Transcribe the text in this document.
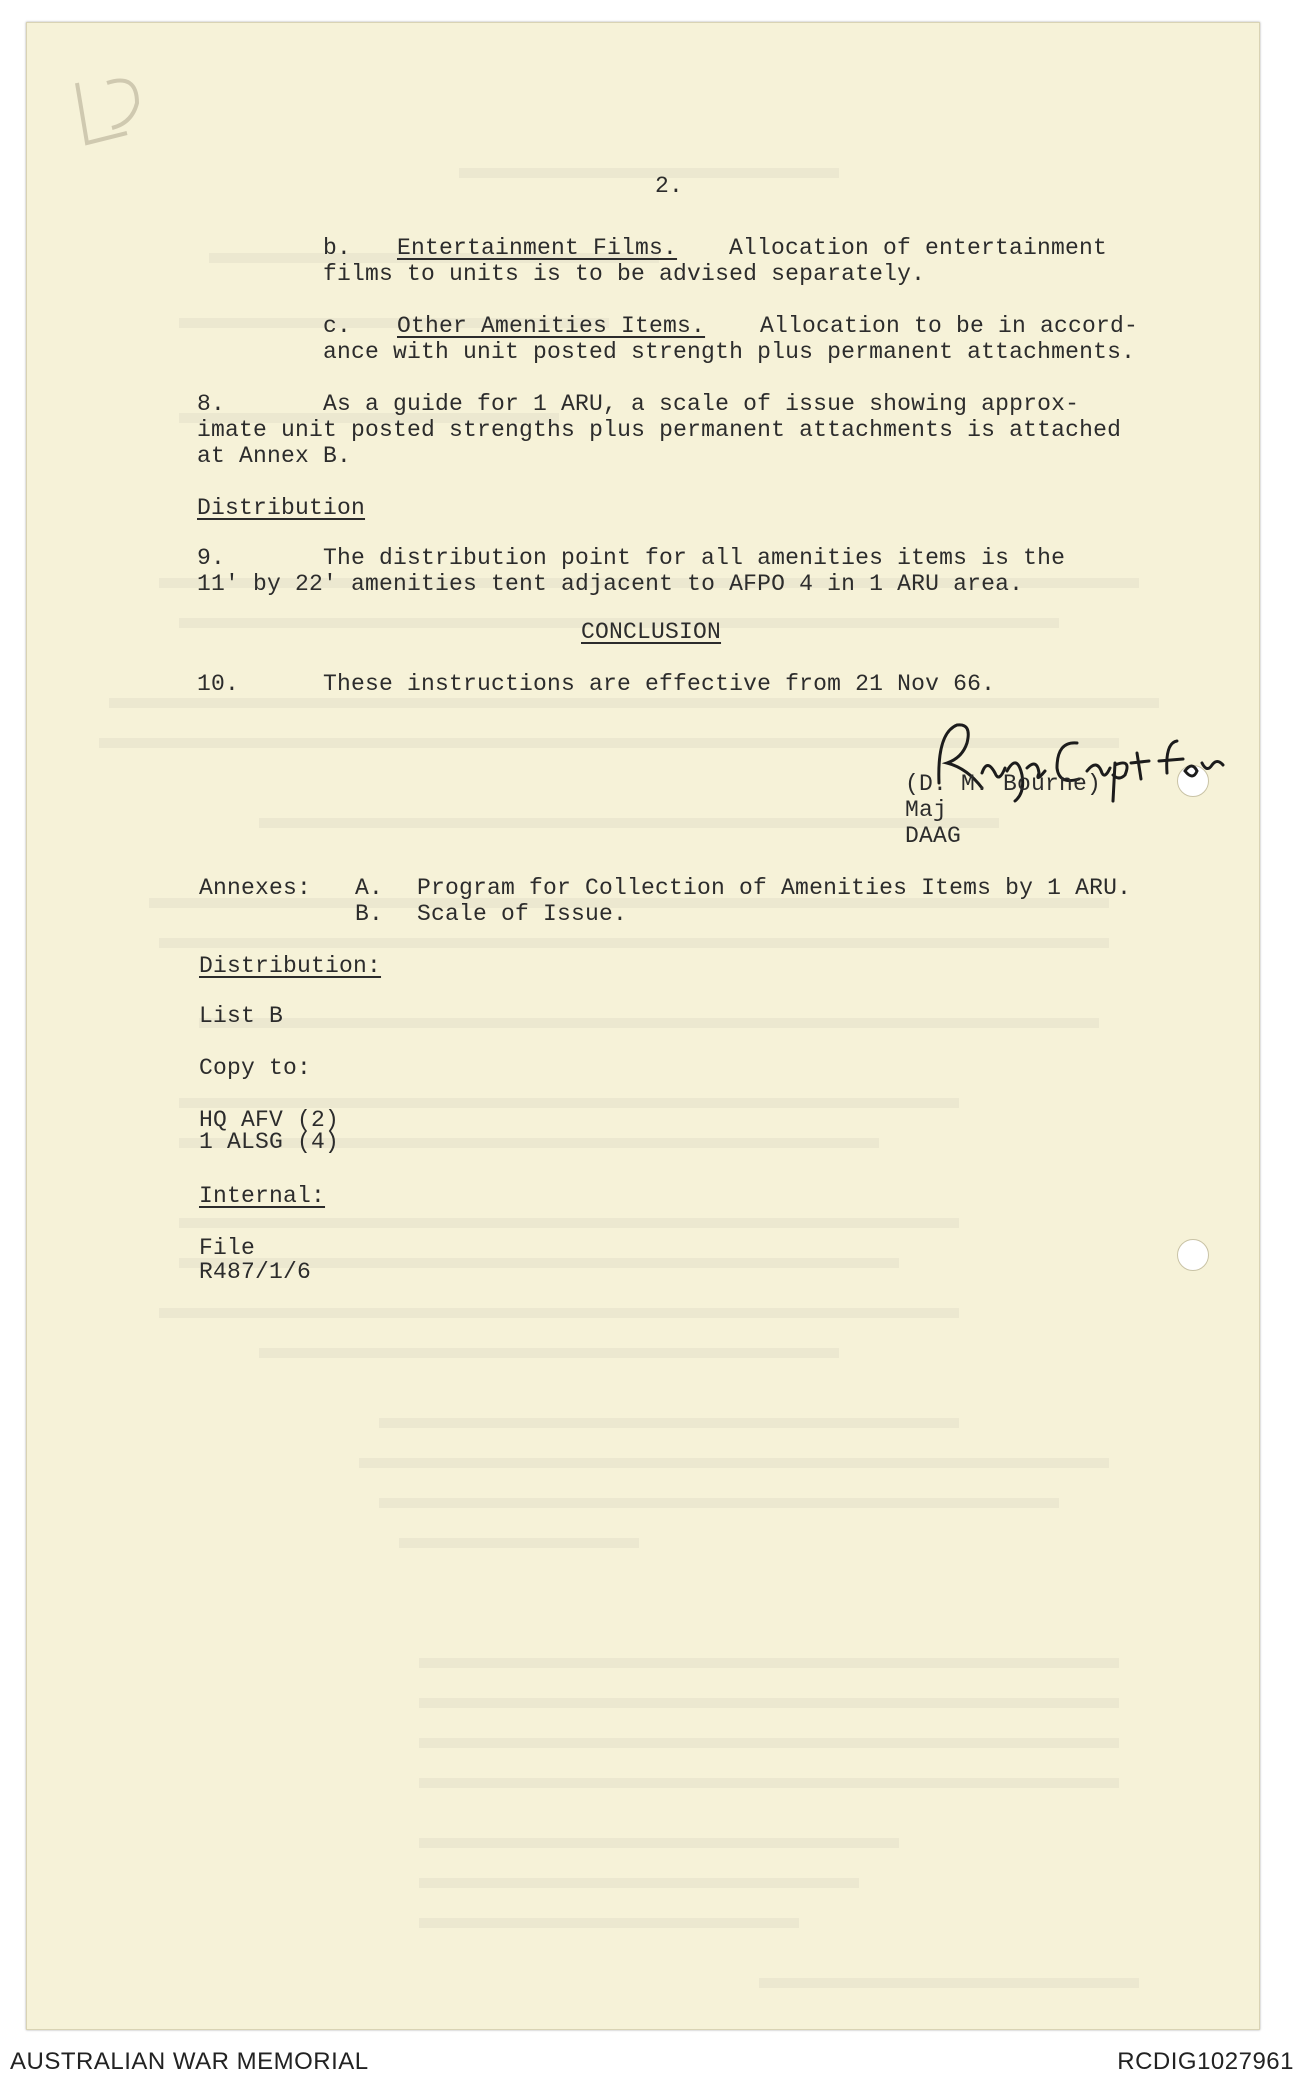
2.
b. Entertainment Films. Allocation of entertainment
films to units is to be advised separately.
c. Other Amenities Items. Allocation to be in accord-
ance with unit posted strength plus permanent attachments.
8.	As a guide for 1 ARU, a scale of issue showing approx-
imate unit posted strengths plus permanent attachments is attached
at Annex B.
Distribution
9.	The distribution point for all amenities items is the
11' by 22' amenities tent adjacent to AFPO 4 in 1 ARU area.
CONCLUSION
10.	These instructions are effective from 21 Nov 66.
(D. M. Bourne)
Maj
DAAG
Annexes: A. Program for Collection of Amenities Items by 1 ARU.
B. Scale of Issue.
Distribution:
List B
Copy to:
HQ AFV (2)
1 ALSG (4)
Internal:
File
R487/1/6
AUSTRALIAN WAR MEMORIAL	RCDIG1027961
